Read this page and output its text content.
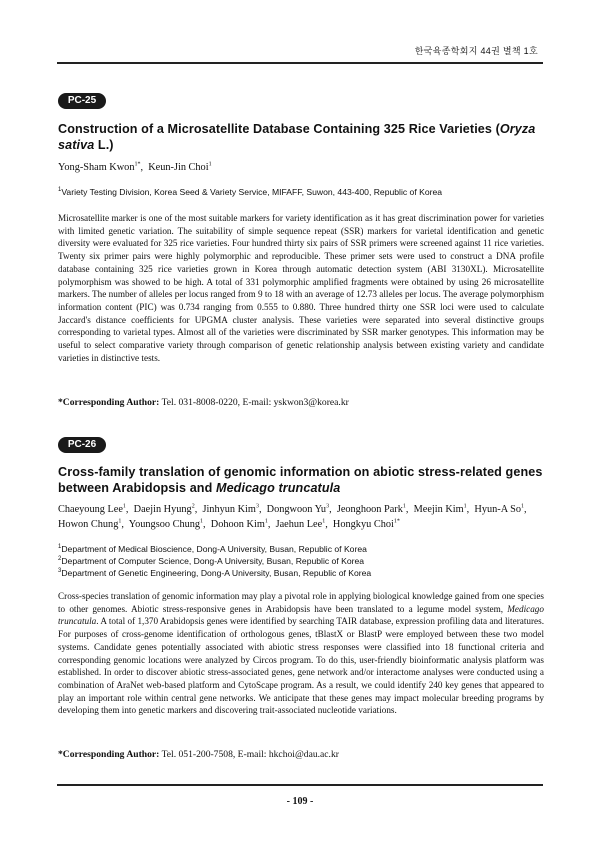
한국육종학회지 44권 별책 1호
PC-25
Construction of a Microsatellite Database Containing 325 Rice Varieties (Oryza sativa L.)
Yong-Sham Kwon$^{1*}$,  Keun-Jin Choi$^1$
$^1$Variety Testing Division, Korea Seed & Variety Service, MIFAFF, Suwon, 443-400, Republic of Korea
Microsatellite marker is one of the most suitable markers for variety identification as it has great discrimination power for varieties with limited genetic variation. The suitability of simple sequence repeat (SSR) markers for varietal identification and genetic diversity were evaluated for 325 rice varieties. Four hundred thirty six pairs of SSR primers were screened against 11 rice varieties. Twenty six primer pairs were highly polymorphic and reproducible. These primer sets were used to construct a DNA profile database containing 325 rice varieties grown in Korea through automatic detection system (ABI 3130XL). Microsatellite polymorphism was showed to be high. A total of 331 polymorphic amplified fragments were obtained by using 26 microsatellite markers. The number of alleles per locus ranged from 9 to 18 with an average of 12.73 alleles per locus. The average polymorphism information content (PIC) was 0.734 ranging from 0.555 to 0.880. Three hundred thirty one SSR loci were used to calculate Jaccard's distance coefficients for UPGMA cluster analysis. These varieties were separated into several distinctive groups corresponding to varietal types. Almost all of the varieties were discriminated by SSR marker genotypes. This information may be useful to select comparative variety through comparison of genetic relationship analysis between existing variety and candidate varieties in distinctive tests.
*Corresponding Author: Tel. 031-8008-0220, E-mail: yskwon3@korea.kr
PC-26
Cross-family translation of genomic information on abiotic stress-related genes between Arabidopsis and Medicago truncatula
Chaeyoung Lee$^1$,  Daejin Hyung$^2$,  Jinhyun Kim$^3$,  Dongwoon Yu$^3$,  Jeonghoon Park$^1$,  Meejin Kim$^1$,  Hyun-A So$^1$, Howon Chung$^1$,  Youngsoo Chung$^1$,  Dohoon Kim$^1$,  Jaehun Lee$^1$,  Hongkyu Choi$^{1*}$
$^1$Department of Medical Bioscience, Dong-A University, Busan, Republic of Korea
$^2$Department of Computer Science, Dong-A University, Busan, Republic of Korea
$^3$Department of Genetic Engineering, Dong-A University, Busan, Republic of Korea
Cross-species translation of genomic information may play a pivotal role in applying biological knowledge gained from one species to other genomes. Abiotic stress-responsive genes in Arabidopsis have been translated to a legume model system, Medicago truncatula. A total of 1,370 Arabidopsis genes were identified by searching TAIR database, expression profiling data and literatures. For purposes of cross-genome identification of orthologous genes, tBlastX or BlastP were employed between these two model systems. Candidate genes potentially associated with abiotic stress responses were classified into 18 functional criteria and corresponding genomic locations were analyzed by Circos program. To do this, user-friendly bioinformatic analysis platform was established. In order to discover abiotic stress-associated genes, gene network and/or interactome analyses were conducted using a combination of AraNet web-based platform and CytoScape program. As a result, we could identify 240 key genes that appeared to play an important role within central gene networks. We anticipate that these genes may impact molecular breeding programs by developing them into genetic markers and discovering trait-associated nucleotide variations.
*Corresponding Author: Tel. 051-200-7508, E-mail: hkchoi@dau.ac.kr
- 109 -
